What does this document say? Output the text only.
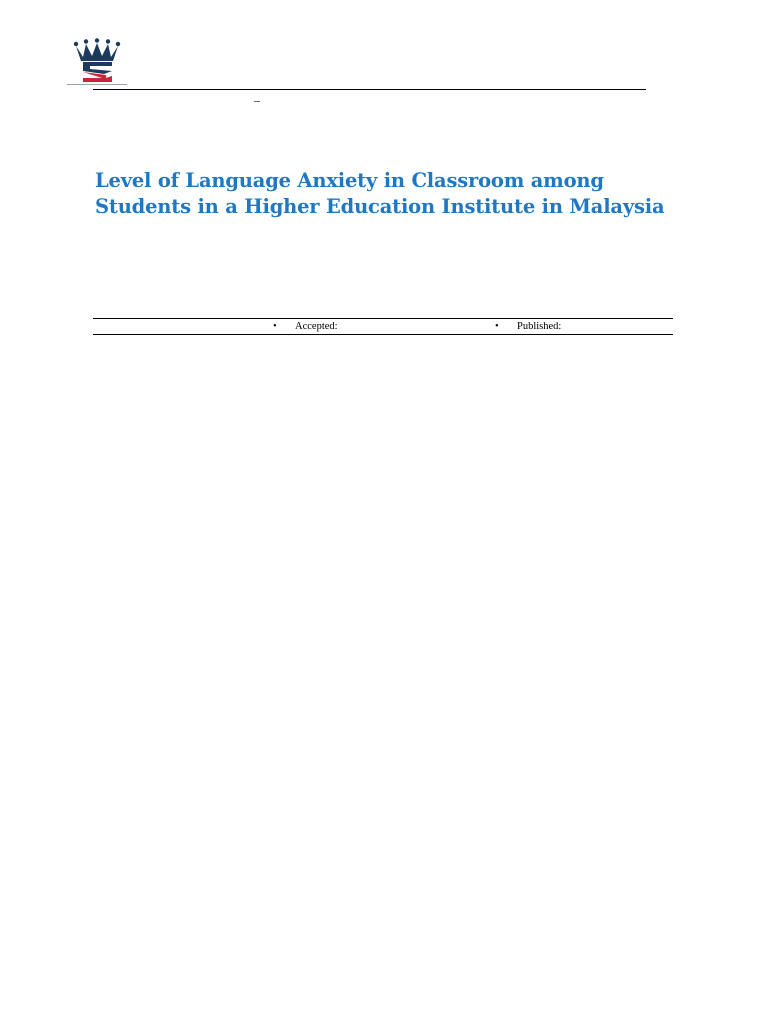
–
Level of Language Anxiety in Classroom among
Students in a Higher Education Institute in Malaysia
• Accepted:	• Published:
